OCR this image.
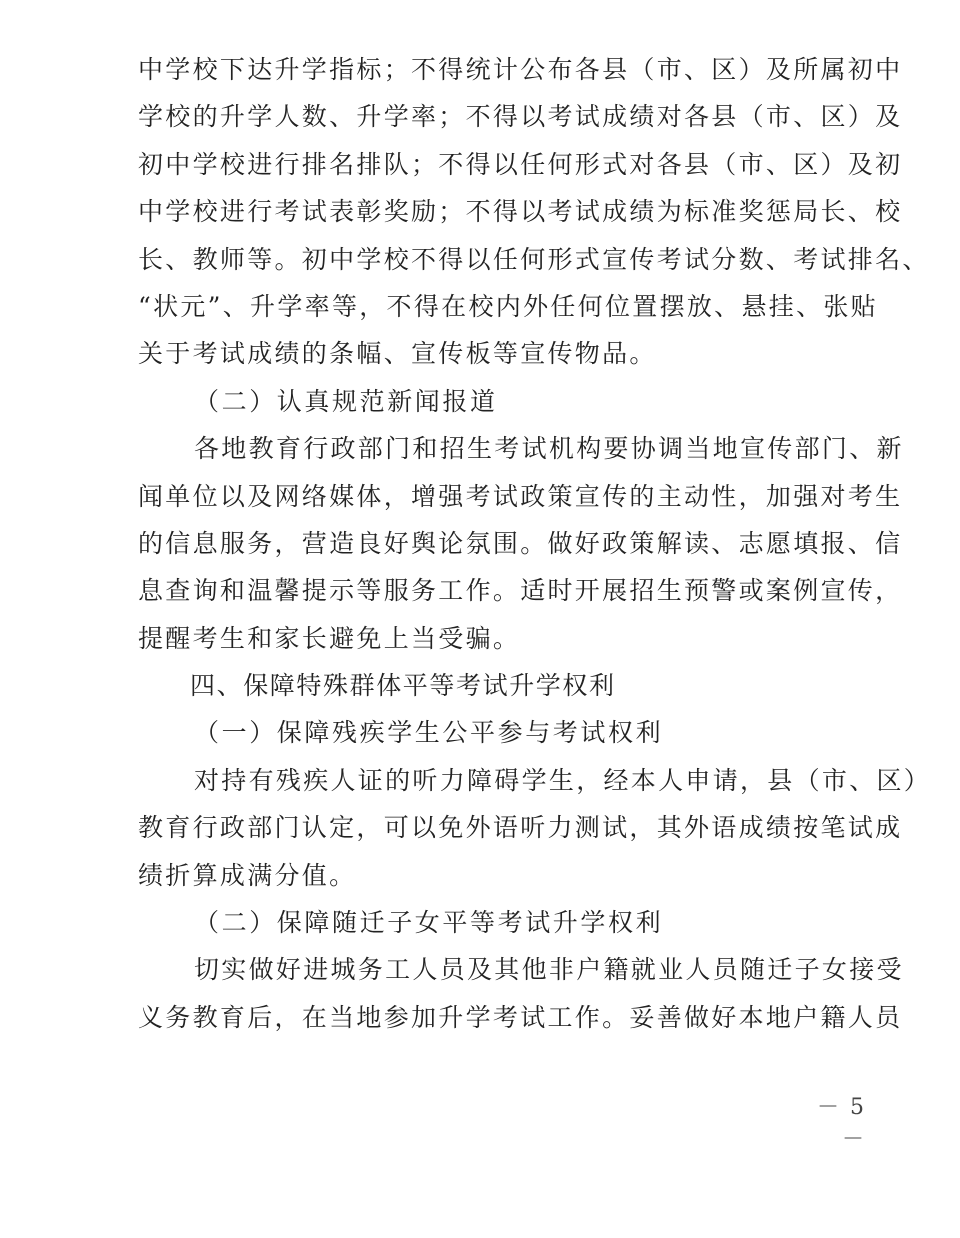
中学校下达升学指标；不得统计公布各县（市、区）及所属初中
学校的升学人数、升学率；不得以考试成绩对各县（市、区）及
初中学校进行排名排队；不得以任何形式对各县（市、区）及初
中学校进行考试表彰奖励；不得以考试成绩为标准奖惩局长、校
长、教师等。初中学校不得以任何形式宣传考试分数、考试排名、
“状元”、升学率等，不得在校内外任何位置摆放、悬挂、张贴
关于考试成绩的条幅、宣传板等宣传物品。
（二）认真规范新闻报道
各地教育行政部门和招生考试机构要协调当地宣传部门、新
闻单位以及网络媒体，增强考试政策宣传的主动性，加强对考生
的信息服务，营造良好舆论氛围。做好政策解读、志愿填报、信
息查询和温馨提示等服务工作。适时开展招生预警或案例宣传，
提醒考生和家长避免上当受骗。
四、保障特殊群体平等考试升学权利
（一）保障残疾学生公平参与考试权利
对持有残疾人证的听力障碍学生，经本人申请，县（市、区）
教育行政部门认定，可以免外语听力测试，其外语成绩按笔试成
绩折算成满分值。
（二）保障随迁子女平等考试升学权利
切实做好进城务工人员及其他非户籍就业人员随迁子女接受
义务教育后，在当地参加升学考试工作。妥善做好本地户籍人员
－ 5 －
